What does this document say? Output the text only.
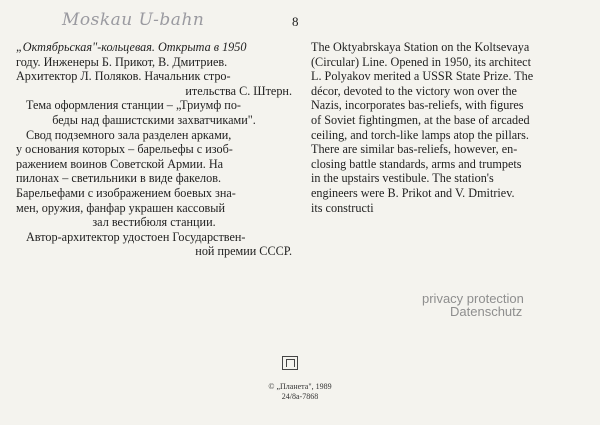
Moskau U-bahn	8
„Октябрьская"-кольцевая. Открыта в 1950
году. Инженеры Б. Прикот, В. Дмитриев.
Архитектор Л. Поляков. Начальник стро-
ительства С. Штерн.
Тема оформления станции – „Триумф по-
беды над фашистскими захватчиками".
Свод подземного зала разделен арками,
у основания которых – барельефы с изоб-
ражением воинов Советской Армии. На
пилонах – светильники в виде факелов.
Барельефами с изображением боевых зна-
мен, оружия, фанфар украшен кассовый
зал вестибюля станции.
Автор-архитектор удостоен Государствен-
ной премии СССР.
The Oktyabrskaya Station on the Koltsevaya
(Circular) Line. Opened in 1950, its architect
L. Polyakov merited a USSR State Prize. The
décor, devoted to the victory won over the
Nazis, incorporates bas-reliefs, with figures
of Soviet fightingmen, at the base of arcaded
ceiling, and torch-like lamps atop the pillars.
There are similar bas-reliefs, however, en-
closing battle standards, arms and trumpets
in the upstairs vestibule. The station's
engineers were B. Prikot and V. Dmitriev.
its constructi
privacy protection
Datenschutz
© „Планета", 1989
24/8а-7868
